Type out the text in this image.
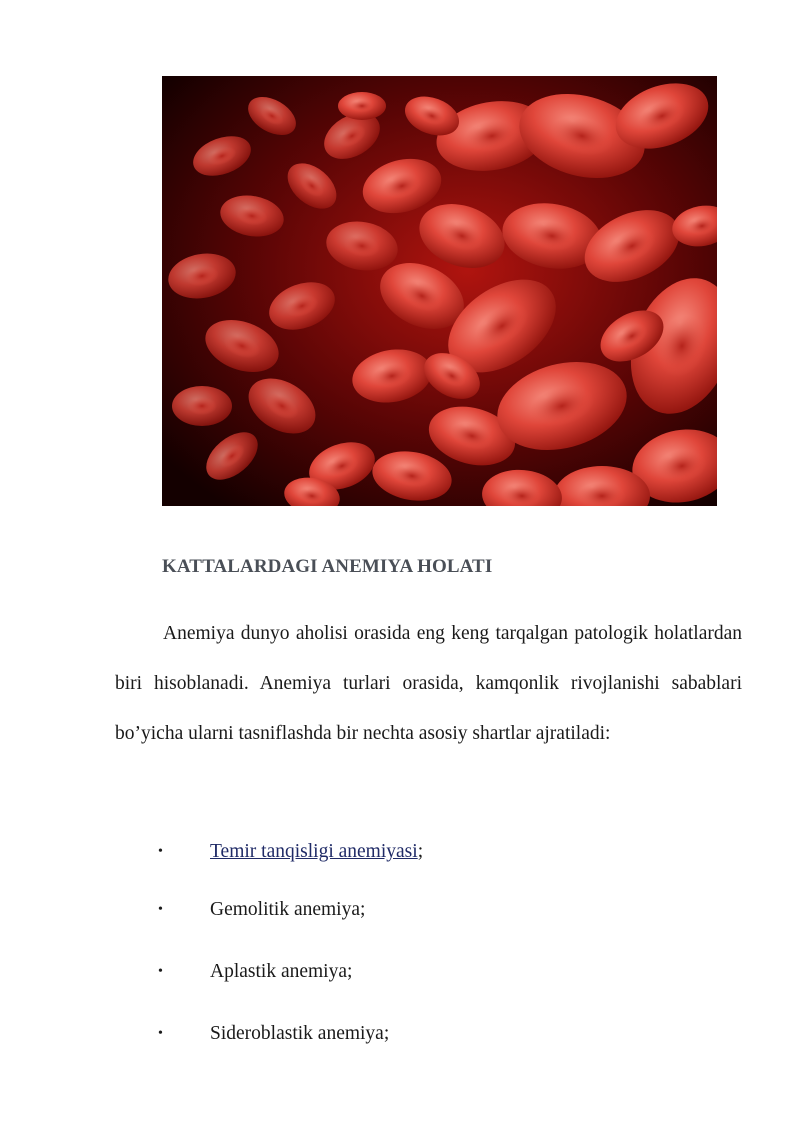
KATTALARDAGI ANEMIYA HOLATI

Anemiya dunyo aholisi orasida eng keng tarqalgan patologik holatlardan biri hisoblanadi. Anemiya turlari orasida, kamqonlik rivojlanishi sabablari bo’yicha ularni tasniflashda bir nechta asosiy shartlar ajratiladi:

• Temir tanqisligi anemiyasi;
• Gemolitik anemiya;
• Aplastik anemiya;
• Sideroblastik anemiya;
